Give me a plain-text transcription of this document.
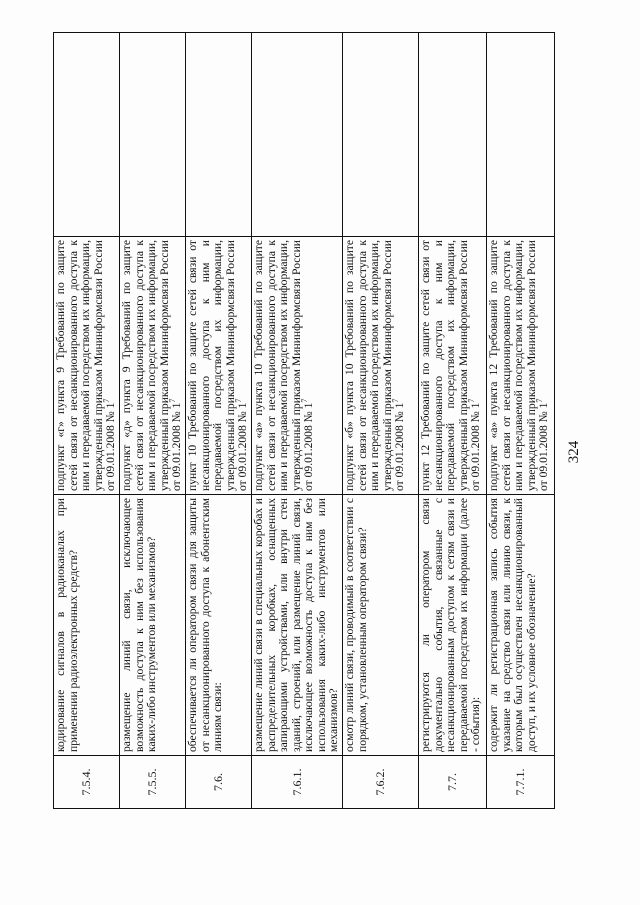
324
7.5.4.	кодирование сигналов в радиоканалах при применении радиоэлектронных средств?	подпункт «г» пункта 9 Требований по защите сетей связи от несанкционированного доступа к ним и передаваемой посредством их информации, утвержденный приказом Мининформсвязи России от 09.01.2008 № $1^7$	
7.5.5.	размещение линий связи, исключающее возможность доступа к ним без использования каких-либо инструментов или механизмов?	подпункт «д» пункта 9 Требований по защите сетей связи от несанкционированного доступа к ним и передаваемой посредством их информации, утвержденный приказом Мининформсвязи России от 09.01.2008 № $1^7$	
7.6.	обеспечивается ли оператором связи для защиты от несанкционированного доступа к абонентским линиям связи:	пункт 10 Требований по защите сетей связи от несанкционированного доступа к ним и передаваемой посредством их информации, утвержденный приказом Мининформсвязи России от 09.01.2008 № $1^7$	
7.6.1.	размещение линий связи в специальных коробах и распределительных коробках, оснащенных запирающими устройствами, или внутри стен зданий, строений, или размещение линий связи, исключающее возможность доступа к ним без использования каких-либо инструментов или механизмов?	подпункт «а» пункта 10 Требований по защите сетей связи от несанкционированного доступа к ним и передаваемой посредством их информации, утвержденный приказом Мининформсвязи России от 09.01.2008 № $1^7$	
7.6.2.	осмотр линий связи, проводимый в соответствии с порядком, установленным оператором связи?	подпункт «б» пункта 10 Требований по защите сетей связи от несанкционированного доступа к ним и передаваемой посредством их информации, утвержденный приказом Мининформсвязи России от 09.01.2008 № $1^7$	
7.7.	регистрируются ли оператором связи документально события, связанные с несанкционированным доступом к сетям связи и передаваемой посредством их информации (далее - события):	пункт 12 Требований по защите сетей связи от несанкционированного доступа к ним и передаваемой посредством их информации, утвержденный приказом Мининформсвязи России от 09.01.2008 № $1^7$	
7.7.1.	содержит ли регистрационная запись события указание на средство связи или линию связи, к которым был осуществлен несанкционированный доступ, и их условное обозначение?	подпункт «а» пункта 12 Требований по защите сетей связи от несанкционированного доступа к ним и передаваемой посредством их информации, утвержденный приказом Мининформсвязи России от 09.01.2008 № $1^7$	
